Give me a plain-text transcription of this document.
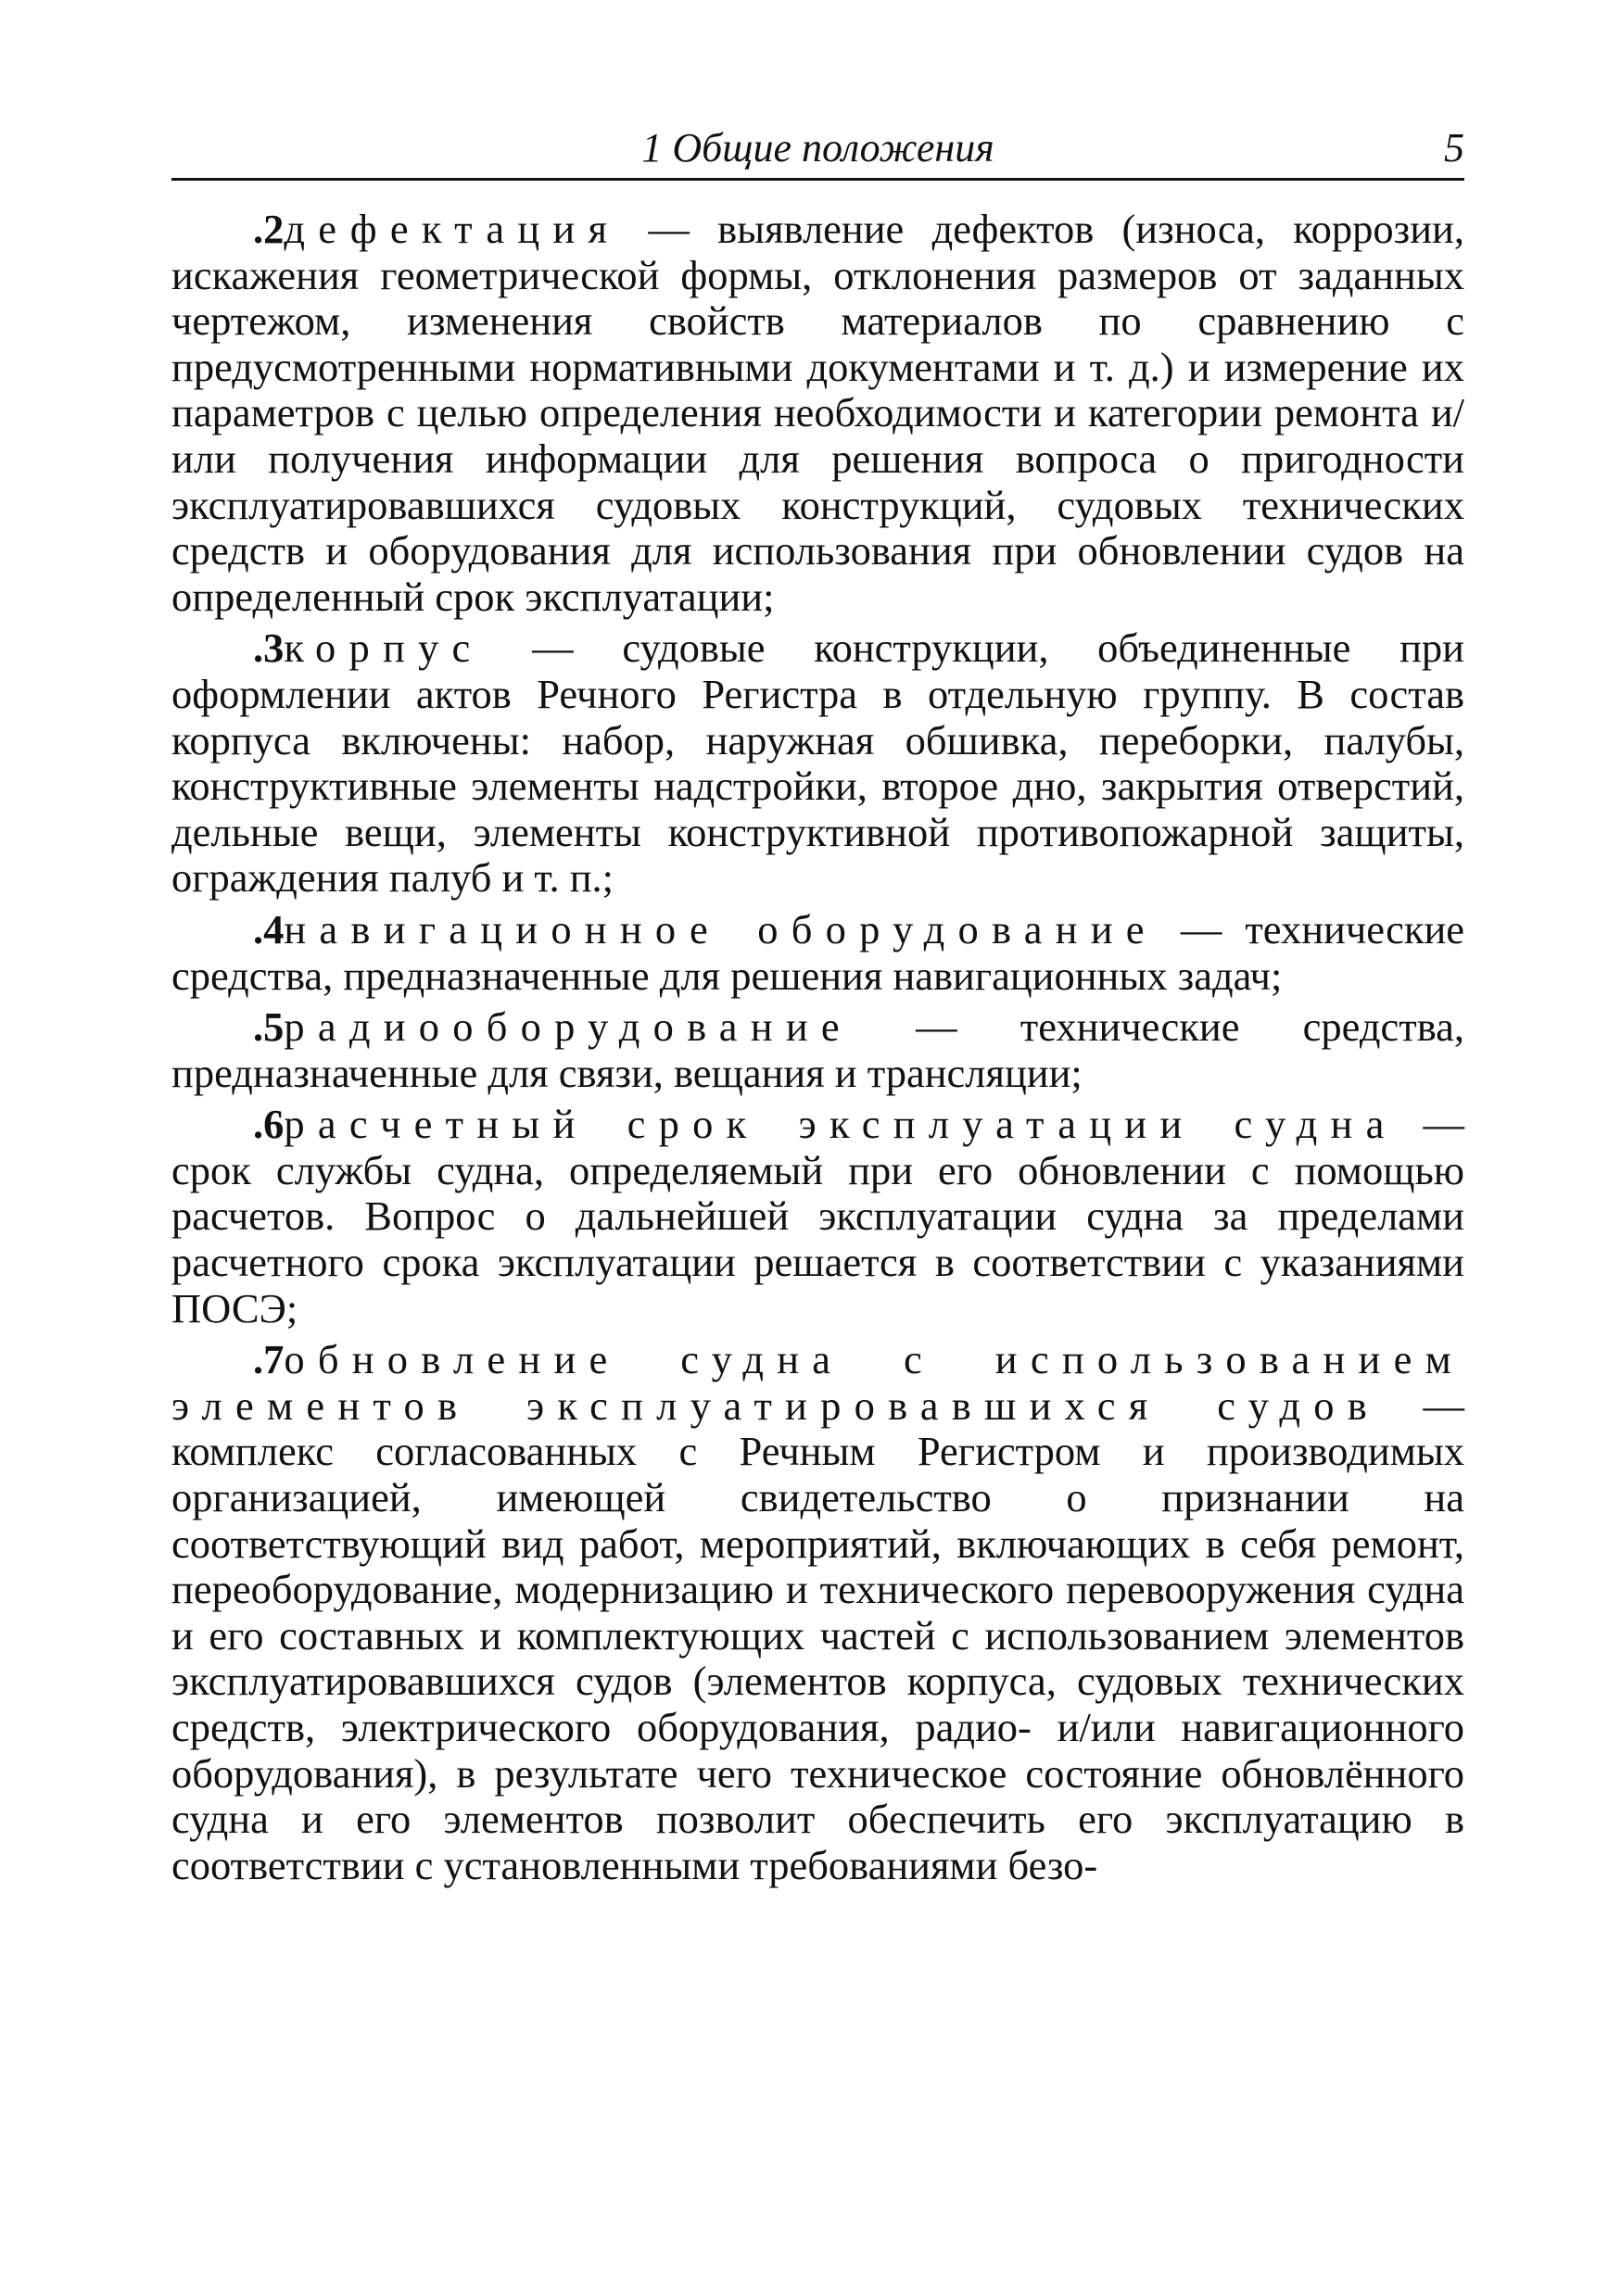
1 Общие положения	5

.2дефектация — выявление дефектов (износа, коррозии, искажения геометрической формы, отклонения размеров от заданных чертежом, изменения свойств материалов по сравнению с предусмотренными нормативными документами и т. д.) и измерение их параметров с целью определения необходимости и категории ремонта и/или получения информации для решения вопроса о пригодности эксплуатировавшихся судовых конструкций, судовых технических средств и оборудования для использования при обновлении судов на определенный срок эксплуатации;

.3корпус — судовые конструкции, объединенные при оформлении актов Речного Регистра в отдельную группу. В состав корпуса включены: набор, наружная обшивка, переборки, палубы, конструктивные элементы надстройки, второе дно, закрытия отверстий, дельные вещи, элементы конструктивной противопожарной защиты, ограждения палуб и т. п.;

.4навигационное оборудование — технические средства, предназначенные для решения навигационных задач;

.5радиооборудование — технические средства, предназначенные для связи, вещания и трансляции;

.6расчетный срок эксплуатации судна — срок службы судна, определяемый при его обновлении с помощью расчетов. Вопрос о дальнейшей эксплуатации судна за пределами расчетного срока эксплуатации решается в соответствии с указаниями ПОСЭ;

.7обновление судна с использованием элементов эксплуатировавшихся судов — комплекс согласованных с Речным Регистром и производимых организацией, имеющей свидетельство о признании на соответствующий вид работ, мероприятий, включающих в себя ремонт, переоборудование, модернизацию и технического перевооружения судна и его составных и комплектующих частей с использованием элементов эксплуатировавшихся судов (элементов корпуса, судовых технических средств, электрического оборудования, радио- и/или навигационного оборудования), в результате чего техническое состояние обновлённого судна и его элементов позволит обеспечить его эксплуатацию в соответствии с установленными требованиями безо-
